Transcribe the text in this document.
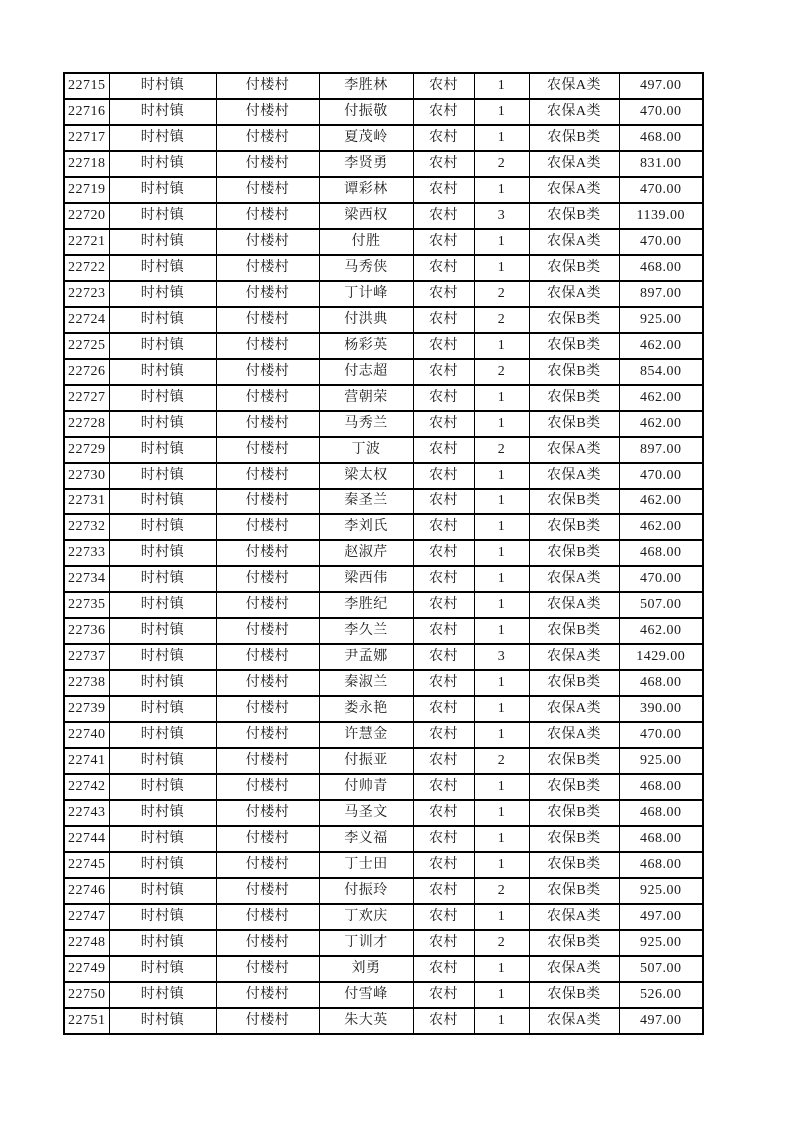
22715	时村镇	付楼村	李胜林	农村	1	农保A类	497.00
22716	时村镇	付楼村	付振敬	农村	1	农保A类	470.00
22717	时村镇	付楼村	夏茂岭	农村	1	农保B类	468.00
22718	时村镇	付楼村	李贤勇	农村	2	农保A类	831.00
22719	时村镇	付楼村	谭彩林	农村	1	农保A类	470.00
22720	时村镇	付楼村	梁西权	农村	3	农保B类	1139.00
22721	时村镇	付楼村	付胜	农村	1	农保A类	470.00
22722	时村镇	付楼村	马秀侠	农村	1	农保B类	468.00
22723	时村镇	付楼村	丁计峰	农村	2	农保A类	897.00
22724	时村镇	付楼村	付洪典	农村	2	农保B类	925.00
22725	时村镇	付楼村	杨彩英	农村	1	农保B类	462.00
22726	时村镇	付楼村	付志超	农村	2	农保B类	854.00
22727	时村镇	付楼村	营朝荣	农村	1	农保B类	462.00
22728	时村镇	付楼村	马秀兰	农村	1	农保B类	462.00
22729	时村镇	付楼村	丁波	农村	2	农保A类	897.00
22730	时村镇	付楼村	梁太权	农村	1	农保A类	470.00
22731	时村镇	付楼村	秦圣兰	农村	1	农保B类	462.00
22732	时村镇	付楼村	李刘氏	农村	1	农保B类	462.00
22733	时村镇	付楼村	赵淑芹	农村	1	农保B类	468.00
22734	时村镇	付楼村	梁西伟	农村	1	农保A类	470.00
22735	时村镇	付楼村	李胜纪	农村	1	农保A类	507.00
22736	时村镇	付楼村	李久兰	农村	1	农保B类	462.00
22737	时村镇	付楼村	尹孟娜	农村	3	农保A类	1429.00
22738	时村镇	付楼村	秦淑兰	农村	1	农保B类	468.00
22739	时村镇	付楼村	娄永艳	农村	1	农保A类	390.00
22740	时村镇	付楼村	许慧金	农村	1	农保A类	470.00
22741	时村镇	付楼村	付振亚	农村	2	农保B类	925.00
22742	时村镇	付楼村	付帅青	农村	1	农保B类	468.00
22743	时村镇	付楼村	马圣文	农村	1	农保B类	468.00
22744	时村镇	付楼村	李义福	农村	1	农保B类	468.00
22745	时村镇	付楼村	丁士田	农村	1	农保B类	468.00
22746	时村镇	付楼村	付振玲	农村	2	农保B类	925.00
22747	时村镇	付楼村	丁欢庆	农村	1	农保A类	497.00
22748	时村镇	付楼村	丁训才	农村	2	农保B类	925.00
22749	时村镇	付楼村	刘勇	农村	1	农保A类	507.00
22750	时村镇	付楼村	付雪峰	农村	1	农保B类	526.00
22751	时村镇	付楼村	朱大英	农村	1	农保A类	497.00
